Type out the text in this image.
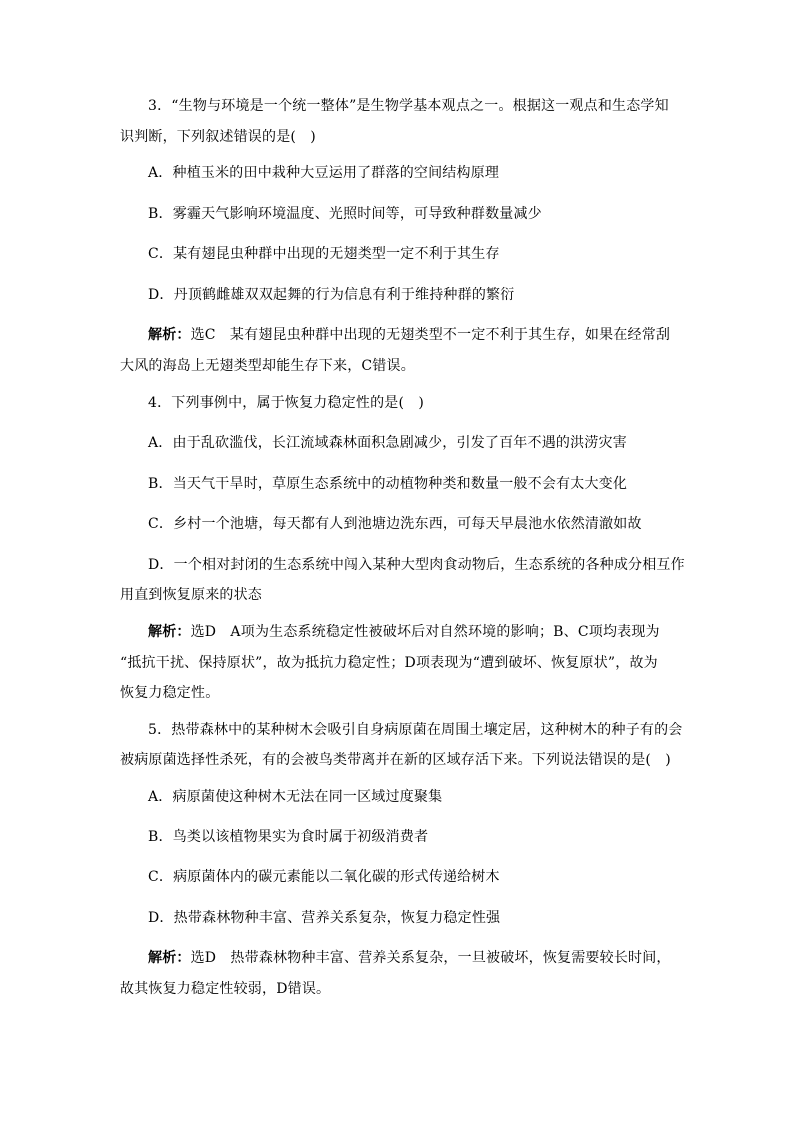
3．“生物与环境是一个统一整体”是生物学基本观点之一。根据这一观点和生态学知
识判断，下列叙述错误的是(　)
A．种植玉米的田中栽种大豆运用了群落的空间结构原理
B．雾霾天气影响环境温度、光照时间等，可导致种群数量减少
C．某有翅昆虫种群中出现的无翅类型一定不利于其生存
D．丹顶鹤雌雄双双起舞的行为信息有利于维持种群的繁衍
解析：选C　某有翅昆虫种群中出现的无翅类型不一定不利于其生存，如果在经常刮
大风的海岛上无翅类型却能生存下来，C错误。
4．下列事例中，属于恢复力稳定性的是(　)
A．由于乱砍滥伐，长江流域森林面积急剧减少，引发了百年不遇的洪涝灾害
B．当天气干旱时，草原生态系统中的动植物种类和数量一般不会有太大变化
C．乡村一个池塘，每天都有人到池塘边洗东西，可每天早晨池水依然清澈如故
D．一个相对封闭的生态系统中闯入某种大型肉食动物后，生态系统的各种成分相互作
用直到恢复原来的状态
解析：选D　A项为生态系统稳定性被破坏后对自然环境的影响；B、C项均表现为
“抵抗干扰、保持原状”，故为抵抗力稳定性；D项表现为“遭到破坏、恢复原状”，故为
恢复力稳定性。
5．热带森林中的某种树木会吸引自身病原菌在周围土壤定居，这种树木的种子有的会
被病原菌选择性杀死，有的会被鸟类带离并在新的区域存活下来。下列说法错误的是(　)
A．病原菌使这种树木无法在同一区域过度聚集
B．鸟类以该植物果实为食时属于初级消费者
C．病原菌体内的碳元素能以二氧化碳的形式传递给树木
D．热带森林物种丰富、营养关系复杂，恢复力稳定性强
解析：选D　热带森林物种丰富、营养关系复杂，一旦被破坏，恢复需要较长时间，
故其恢复力稳定性较弱，D错误。
